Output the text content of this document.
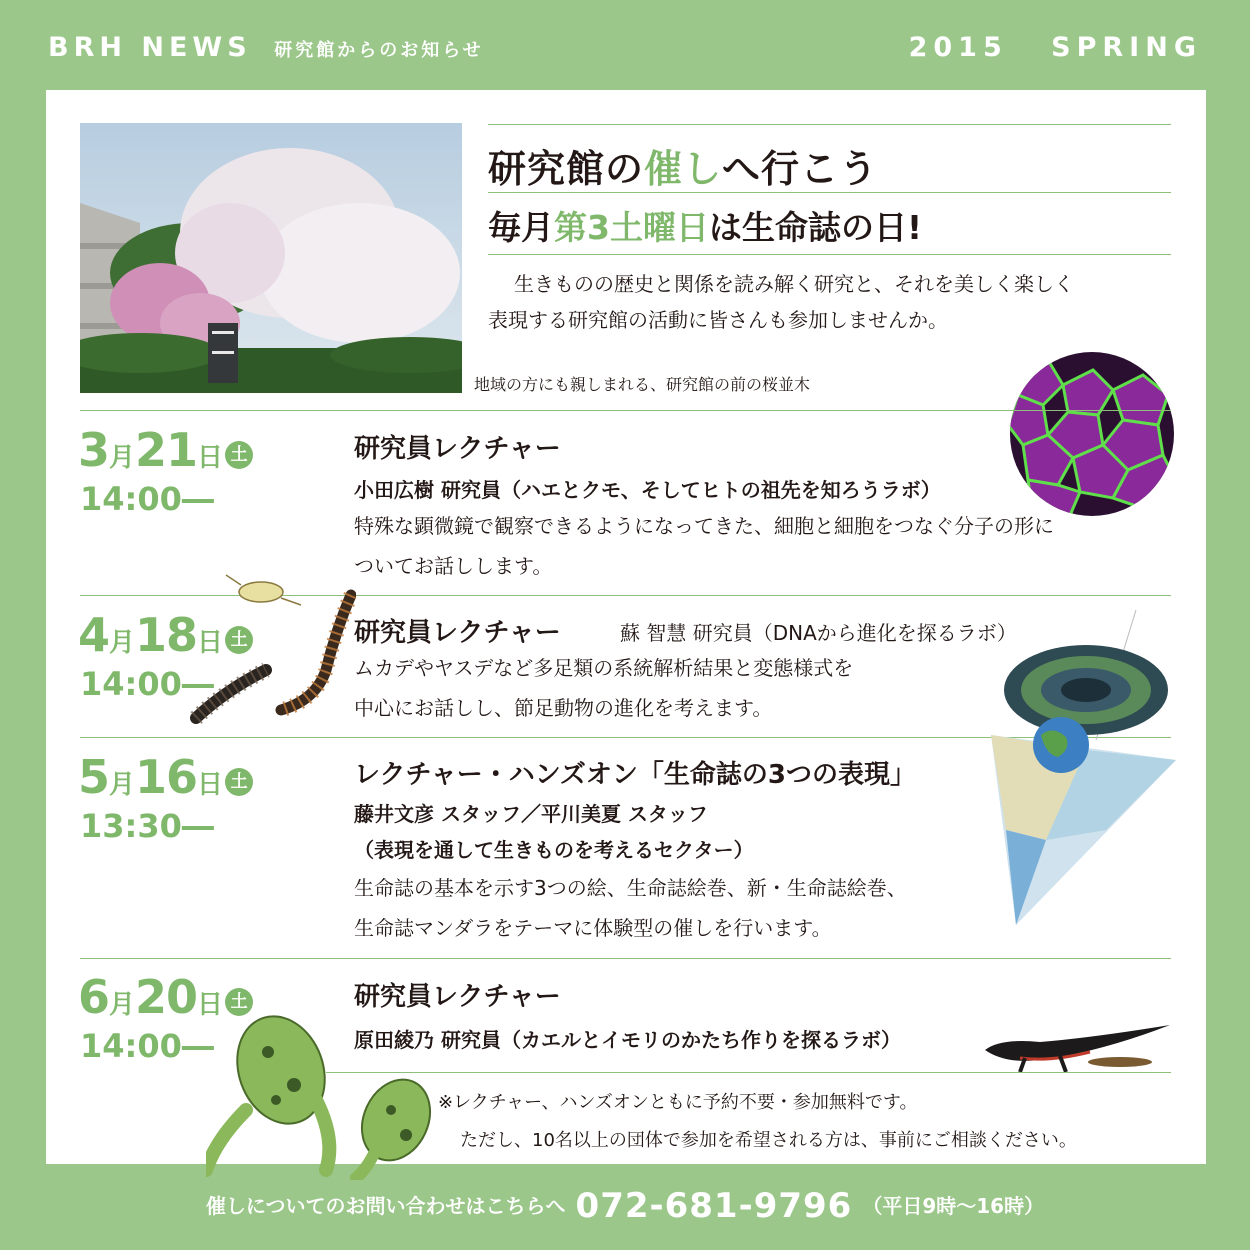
BRH NEWS 研究館からのお知らせ	2015 SPRING
地域の方にも親しまれる、研究館の前の桜並木
研究館の催しへ行こう
毎月第3土曜日は生命誌の日!
生きものの歴史と関係を読み解く研究と、それを美しく楽しく
表現する研究館の活動に皆さんも参加しませんか。
3月21日 土
14:00―
研究員レクチャー
小田広樹 研究員（ハエとクモ、そしてヒトの祖先を知ろうラボ）
特殊な顕微鏡で観察できるようになってきた、細胞と細胞をつなぐ分子の形に
ついてお話しします。
4月18日 土
14:00―
研究員レクチャー	蘇 智慧 研究員（DNAから進化を探るラボ）
ムカデやヤスデなど多足類の系統解析結果と変態様式を
中心にお話しし、節足動物の進化を考えます。
5月16日 土
13:30―
レクチャー・ハンズオン「生命誌の3つの表現」
藤井文彦 スタッフ／平川美夏 スタッフ
（表現を通して生きものを考えるセクター）
生命誌の基本を示す3つの絵、生命誌絵巻、新・生命誌絵巻、
生命誌マンダラをテーマに体験型の催しを行います。
6月20日 土
14:00―
研究員レクチャー
原田綾乃 研究員（カエルとイモリのかたち作りを探るラボ）
※レクチャー、ハンズオンともに予約不要・参加無料です。
ただし、10名以上の団体で参加を希望される方は、事前にご相談ください。
催しについてのお問い合わせはこちらへ 072-681-9796 （平日9時〜16時）
